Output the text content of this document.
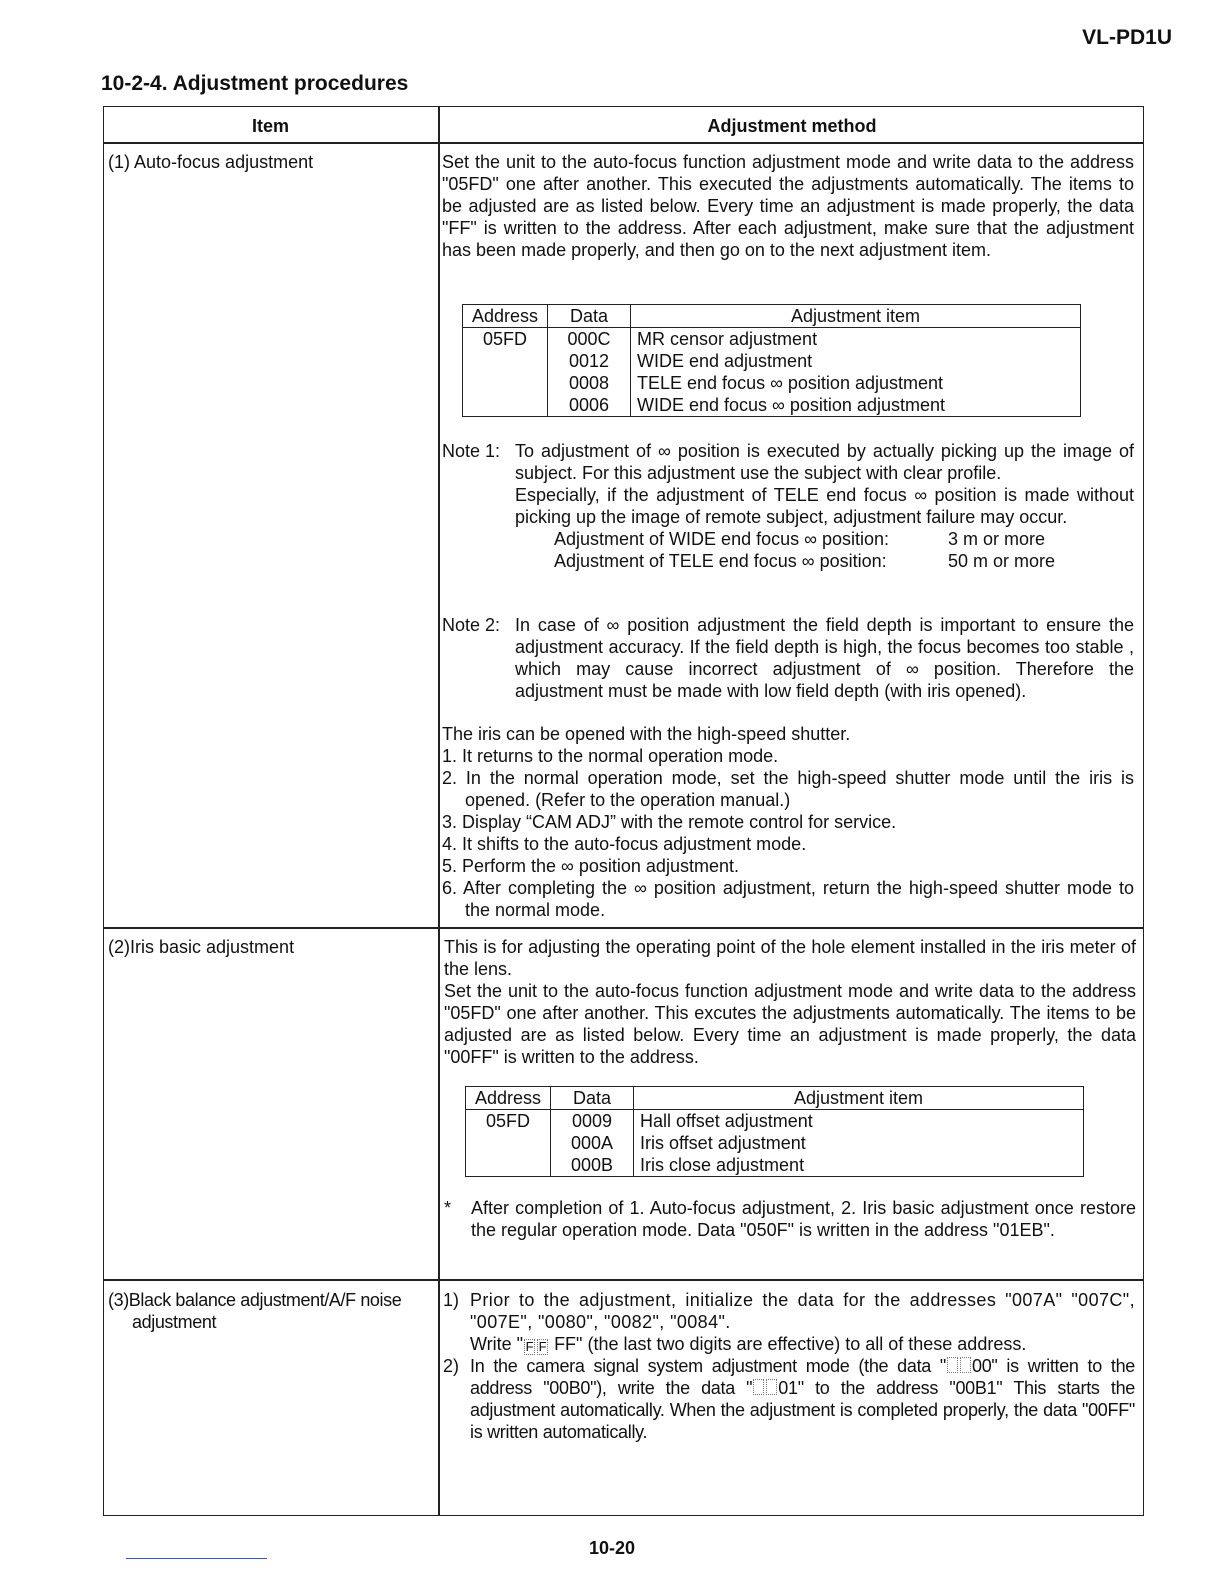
VL-PD1U
10-2-4. Adjustment procedures
Item	Adjustment method
(1) Auto-focus adjustment	Set the unit to the auto-focus function adjustment mode and write data to the address "05FD" one after another. This executed the adjustments automatically. The items to be adjusted are as listed below. Every time an adjustment is made properly, the data "FF" is written to the address. After each adjustment, make sure that the adjustment has been made properly, and then go on to the next adjustment item.
Address	Data	Adjustment item
05FD	000C	MR censor adjustment
	0012	WIDE end adjustment
	0008	TELE end focus ∞ position adjustment
	0006	WIDE end focus ∞ position adjustment
Note 1: To adjustment of ∞ position is executed by actually picking up the image of subject. For this adjustment use the subject with clear profile.

Especially, if the adjustment of TELE end focus ∞ position is made without picking up the image of remote subject, adjustment failure may occur.

Adjustment of WIDE end focus ∞ position:	3 m or more
Adjustment of TELE end focus ∞ position:	50 m or more
Note 2: In case of ∞ position adjustment the field depth is important to ensure the adjustment accuracy. If the field depth is high, the focus becomes too stable , which may cause incorrect adjustment of ∞ position. Therefore the adjustment must be made with low field depth (with iris opened).

The iris can be opened with the high-speed shutter.

1. It returns to the normal operation mode.

2. In the normal operation mode, set the high-speed shutter mode until the iris is opened. (Refer to the operation manual.)

3. Display “CAM ADJ” with the remote control for service.

4. It shifts to the auto-focus adjustment mode.

5. Perform the ∞ position adjustment.

6. After completing the ∞ position adjustment, return the high-speed shutter mode to the normal mode.

(2)Iris basic adjustment	This is for adjusting the operating point of the hole element installed in the iris meter of the lens.

Set the unit to the auto-focus function adjustment mode and write data to the address "05FD" one after another. This excutes the adjustments automatically. The items to be adjusted are as listed below. Every time an adjustment is made properly, the data "00FF" is written to the address.

Address	Data	Adjustment item
05FD	0009	Hall offset adjustment
	000A	Iris offset adjustment
	000B	Iris close adjustment
*	After completion of 1. Auto-focus adjustment, 2. Iris basic adjustment once restore the regular operation mode. Data "050F" is written in the address "01EB".

(3)Black balance adjustment/A/F noise
adjustment
1) Prior to the adjustment, initialize the data for the addresses "007A" "007C", "007E", "0080", "0082", "0084".

Write " F F FF" (the last two digits are effective) to all of these address.

2) In the camera signal system adjustment mode (the data " 00" is written to the address "00B0"), write the data " 01" to the address "00B1" This starts the adjustment automatically. When the adjustment is completed properly, the data "00FF" is written automatically.

10-20
